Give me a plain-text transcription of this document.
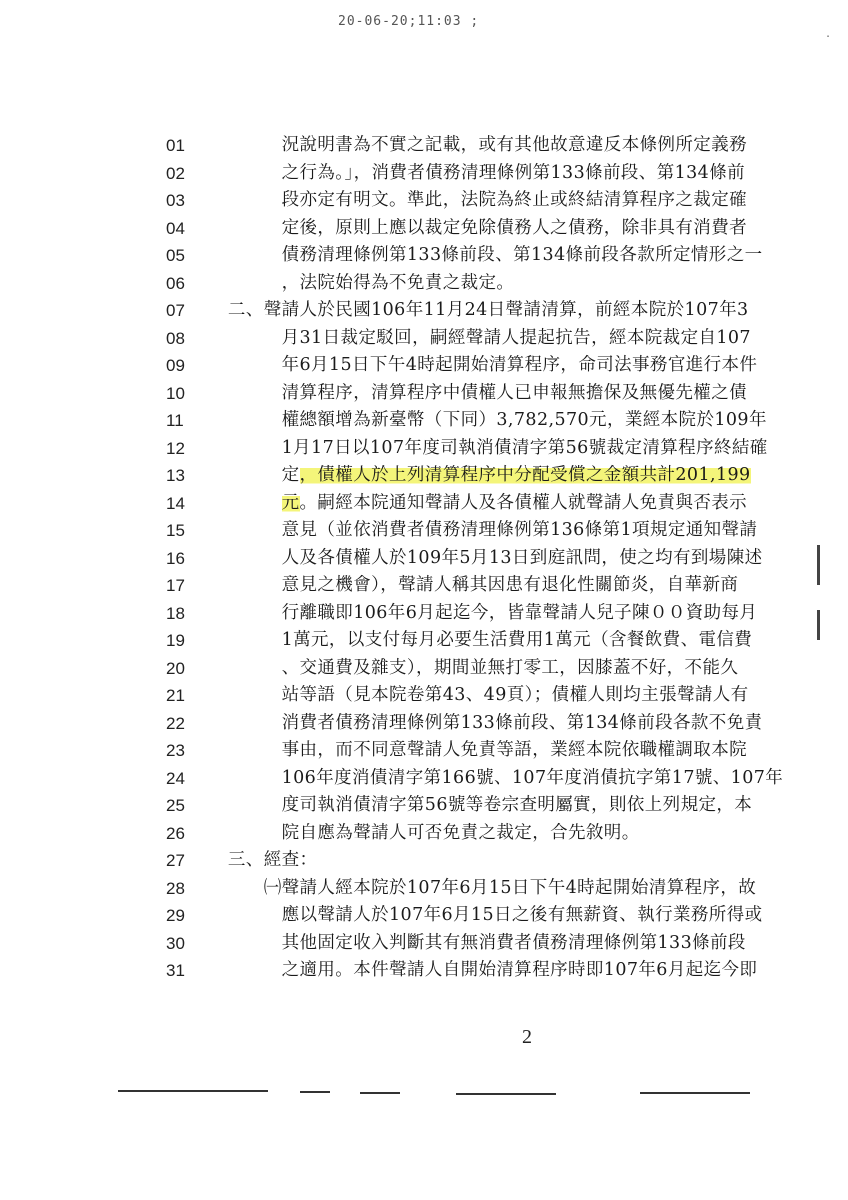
20-06-20;11:03 ;
.
01
02
03
04
05
06
07
08
09
10
11
12
13
14
15
16
17
18
19
20
21
22
23
24
25
26
27
28
29
30
31
　　　　況說明書為不實之記載，或有其他故意違反本條例所定義務
　　　　之行為。」，消費者債務清理條例第133條前段、第134條前
　　　　段亦定有明文。準此，法院為終止或終結清算程序之裁定確
　　　　定後，原則上應以裁定免除債務人之債務，除非具有消費者
　　　　債務清理條例第133條前段、第134條前段各款所定情形之一
　　　　，法院始得為不免責之裁定。
　二、聲請人於民國106年11月24日聲請清算，前經本院於107年3
　　　　月31日裁定駁回，嗣經聲請人提起抗告，經本院裁定自107
　　　　年6月15日下午4時起開始清算程序，命司法事務官進行本件
　　　　清算程序，清算程序中債權人已申報無擔保及無優先權之債
　　　　權總額增為新臺幣（下同）3,782,570元，業經本院於109年
　　　　1月17日以107年度司執消債清字第56號裁定清算程序終結確
　　　　定，債權人於上列清算程序中分配受償之金額共計201,199
　　　　元。嗣經本院通知聲請人及各債權人就聲請人免責與否表示
　　　　意見（並依消費者債務清理條例第136條第1項規定通知聲請
　　　　人及各債權人於109年5月13日到庭訊問，使之均有到場陳述
　　　　意見之機會），聲請人稱其因患有退化性關節炎，自華新商
　　　　行離職即106年6月起迄今，皆靠聲請人兒子陳００資助每月
　　　　1萬元，以支付每月必要生活費用1萬元（含餐飲費、電信費
　　　　、交通費及雜支），期間並無打零工，因膝蓋不好，不能久
　　　　站等語（見本院卷第43、49頁）；債權人則均主張聲請人有
　　　　消費者債務清理條例第133條前段、第134條前段各款不免責
　　　　事由，而不同意聲請人免責等語，業經本院依職權調取本院
　　　　106年度消債清字第166號、107年度消債抗字第17號、107年
　　　　度司執消債清字第56號等卷宗查明屬實，則依上列規定，本
　　　　院自應為聲請人可否免責之裁定，合先敘明。
　三、經查：
　　　㈠聲請人經本院於107年6月15日下午4時起開始清算程序，故
　　　　應以聲請人於107年6月15日之後有無薪資、執行業務所得或
　　　　其他固定收入判斷其有無消費者債務清理條例第133條前段
　　　　之適用。本件聲請人自開始清算程序時即107年6月起迄今即
2
